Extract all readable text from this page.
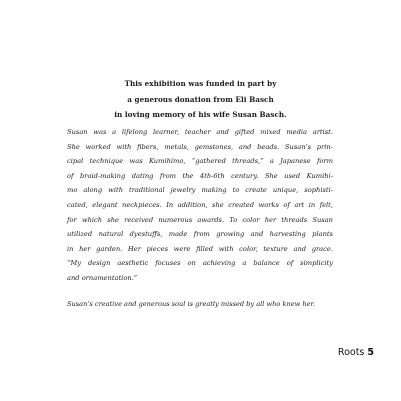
This exhibition was funded in part by
a generous donation from Eli Basch
in loving memory of his wife Susan Basch.
Susan was a lifelong learner, teacher and gifted mixed media artist.
She worked with fibers, metals, gemstones, and beads. Susan’s prin-
cipal technique was Kumihimo, “gathered threads,” a Japanese form
of braid-making dating from the 4th-6th century. She used Kumihi-
mo along with traditional jewelry making to create unique, sophisti-
cated, elegant neckpieces. In addition, she created works of art in felt,
for which she received numerous awards. To color her threads Susan
utilized natural dyestuffs, made from growing and harvesting plants
in her garden. Her pieces were filled with color, texture and grace.
“My design aesthetic focuses on achieving a balance of simplicity
and ornamentation.”
Susan’s creative and generous soul is greatly missed by all who knew her.
Roots 5
